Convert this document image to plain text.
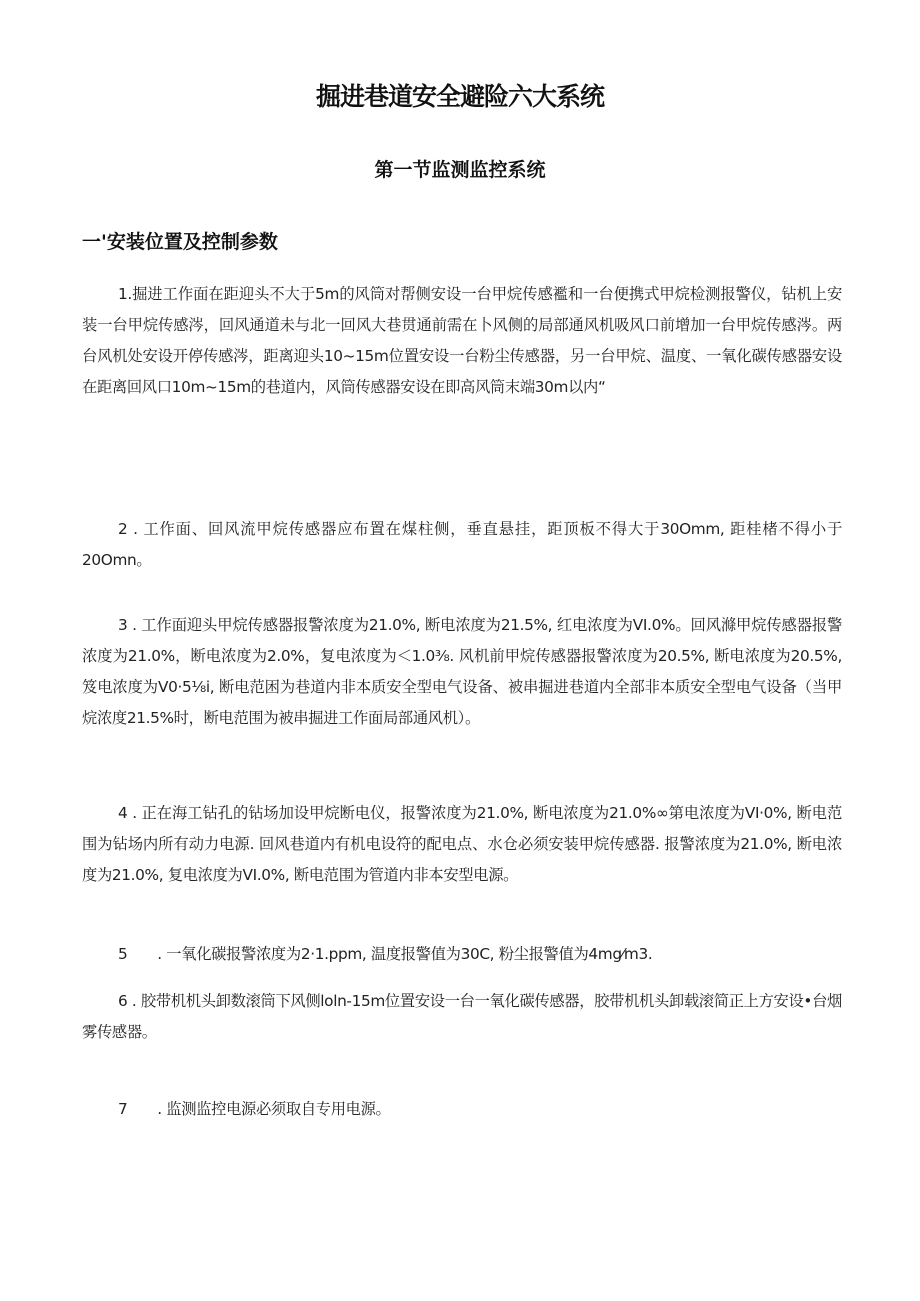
掘进巷道安全避险六大系统
第一节监测监控系统
一'安装位置及控制参数

1.掘进工作面在距迎头不大于5m的风筒对帮侧安设一台甲烷传感襤和一台便携式甲烷检测报警仪，钻机上安装一台甲烷传感涔，回风通道未与北一回风大巷贯通前需在卜风侧的局部通风机吸风口前增加一台甲烷传感涔。两台风机处安设开停传感涔，距离迎头10~15m位置安设一台粉尘传感器，另一台甲烷、温度、一氧化碳传感器安设在距离回风口10m~15m的巷道内，风筒传感器安设在即高风筒末端30m以内“

2 . 工作面、回风流甲烷传感器应布置在煤柱侧，垂直悬挂，距顶板不得大于30Omm, 距桂楮不得小于20Omn。

3 . 工作面迎头甲烷传感器报警浓度为21.0%, 断电浓度为21.5%, 红电浓度为VI.0%。回风滌甲烷传感器报警浓度为21.0%，断电浓度为2.0%，复电浓度为＜1.0⅜. 风机前甲烷传感器报警浓度为20.5%, 断电浓度为20.5%, 笈电浓度为V0·5⅛i, 断电范困为巷道内非本质安全型电气设备、被串掘进巷道内全部非本质安全型电气设备（当甲烷浓度21.5%时，断电范围为被串掘进工作面局部通风机）。

4 . 正在海工钻孔的钻场加设甲烷断电仪，报警浓度为21.0%, 断电浓度为21.0%∞第电浓度为VI·0%, 断电范围为钻场内所有动力电源. 回风巷道内有机电设符的配电点、水仓必须安装甲烷传感器. 报警浓度为21.0%, 断电浓度为21.0%, 复电浓度为VI.0%, 断电范围为管道内非本安型电源。

5　　. 一氧化碳报警浓度为2·1.ppm, 温度报警值为30C, 粉尘报警值为4mg⁄m3.

6 . 胶带机机头卸数滚筒下风侧loln-15m位置安设一台一氧化碳传感器，胶带机机头卸载滚简正上方安设•台烟雾传感器。

7　　. 监测监控电源必须取自专用电源。
